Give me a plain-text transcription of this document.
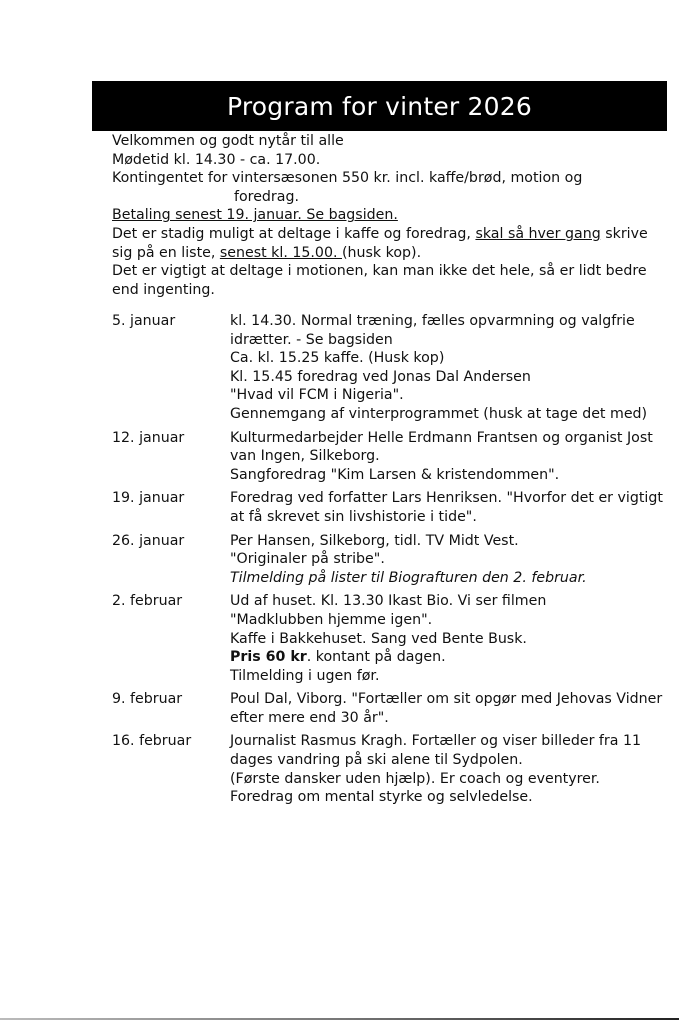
Program for vinter 2026

Velkommen og godt nytår til alle

Mødetid kl. 14.30 - ca. 17.00.

Kontingentet for vintersæsonen 550 kr. incl. kaffe/brød, motion og

foredrag.

Betaling senest 19. januar. Se bagsiden.

Det er stadig muligt at deltage i kaffe og foredrag, skal så hver gang skrive sig på en liste, senest kl. 15.00. (husk kop).

Det er vigtigt at deltage i motionen, kan man ikke det hele, så er lidt bedre end ingenting.

5. januar	kl. 14.30. Normal træning, fælles opvarmning og valgfrie idrætter. - Se bagsiden
Ca. kl. 15.25 kaffe. (Husk kop)
Kl. 15.45 foredrag ved Jonas Dal Andersen
"Hvad vil FCM i Nigeria".
Gennemgang af vinterprogrammet (husk at tage det med)
12. januar	Kulturmedarbejder Helle Erdmann Frantsen og organist Jost van Ingen, Silkeborg.
Sangforedrag "Kim Larsen & kristendommen".
19. januar	Foredrag ved forfatter Lars Henriksen. "Hvorfor det er vigtigt at få skrevet sin livshistorie i tide".
26. januar	Per Hansen, Silkeborg, tidl. TV Midt Vest.
"Originaler på stribe".
Tilmelding på lister til Biografturen den 2. februar.
2. februar	Ud af huset. Kl. 13.30 Ikast Bio. Vi ser filmen
"Madklubben hjemme igen".
Kaffe i Bakkehuset. Sang ved Bente Busk.
Pris 60 kr. kontant på dagen.
Tilmelding i ugen før.
9. februar	Poul Dal, Viborg. "Fortæller om sit opgør med Jehovas Vidner efter mere end 30 år".
16. februar	Journalist Rasmus Kragh. Fortæller og viser billeder fra 11 dages vandring på ski alene til Sydpolen.
(Første dansker uden hjælp). Er coach og eventyrer.
Foredrag om mental styrke og selvledelse.
